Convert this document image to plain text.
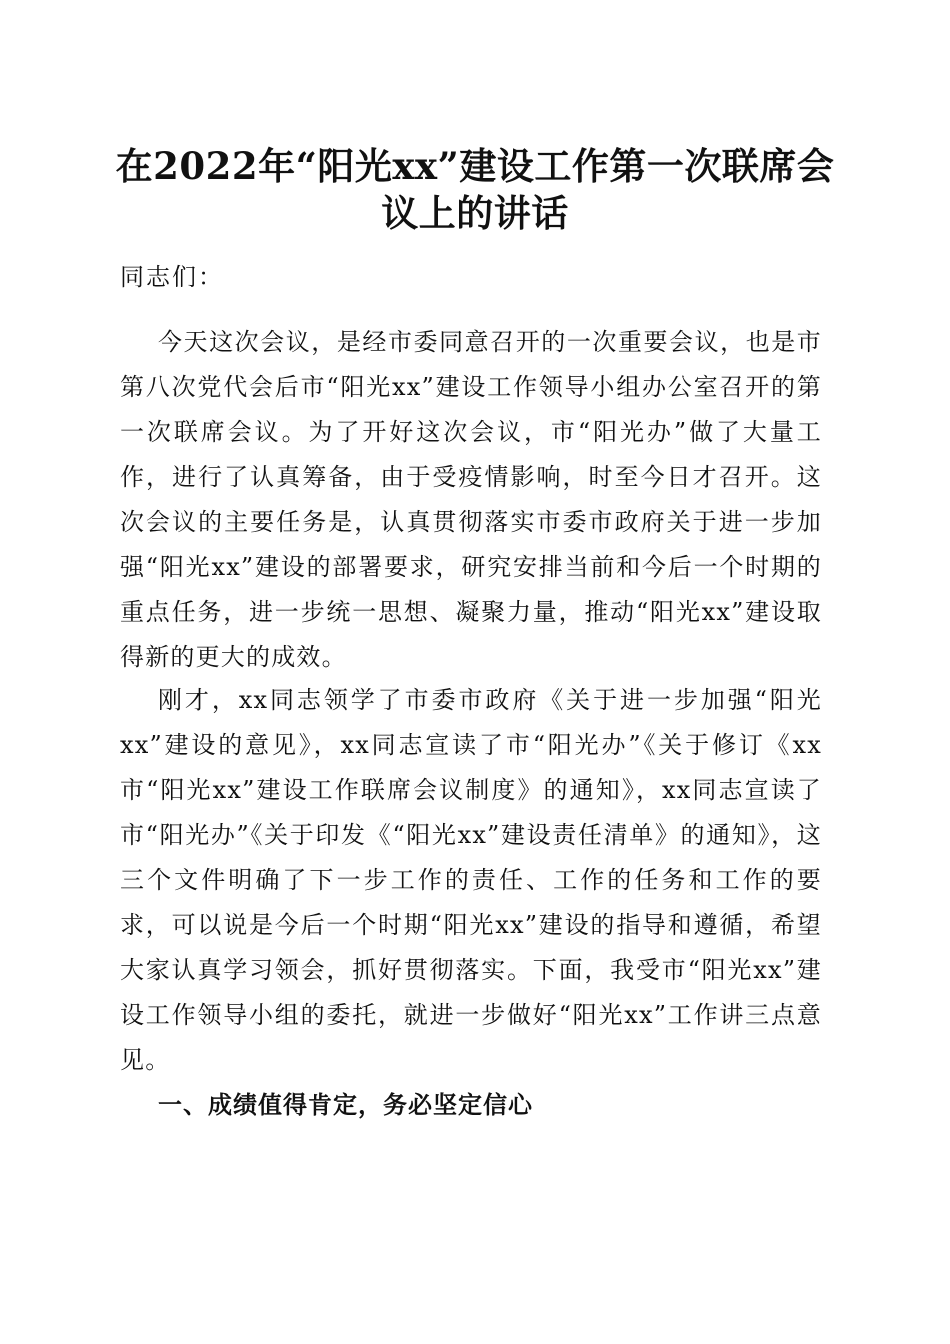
在2022年“阳光xx”建设工作第一次联席会
议上的讲话
同志们：
今天这次会议，是经市委同意召开的一次重要会议，也是市第八次党代会后市“阳光xx”建设工作领导小组办公室召开的第一次联席会议。为了开好这次会议，市“阳光办”做了大量工作，进行了认真筹备，由于受疫情影响，时至今日才召开。这次会议的主要任务是，认真贯彻落实市委市政府关于进一步加强“阳光xx”建设的部署要求，研究安排当前和今后一个时期的重点任务，进一步统一思想、凝聚力量，推动“阳光xx”建设取得新的更大的成效。
刚才，xx同志领学了市委市政府《关于进一步加强“阳光xx”建设的意见》，xx同志宣读了市“阳光办”《关于修订《xx市“阳光xx”建设工作联席会议制度》的通知》，xx同志宣读了市“阳光办”《关于印发《“阳光xx”建设责任清单》的通知》，这三个文件明确了下一步工作的责任、工作的任务和工作的要求，可以说是今后一个时期“阳光xx”建设的指导和遵循，希望大家认真学习领会，抓好贯彻落实。下面，我受市“阳光xx”建设工作领导小组的委托，就进一步做好“阳光xx”工作讲三点意见。
一、成绩值得肯定，务必坚定信心
